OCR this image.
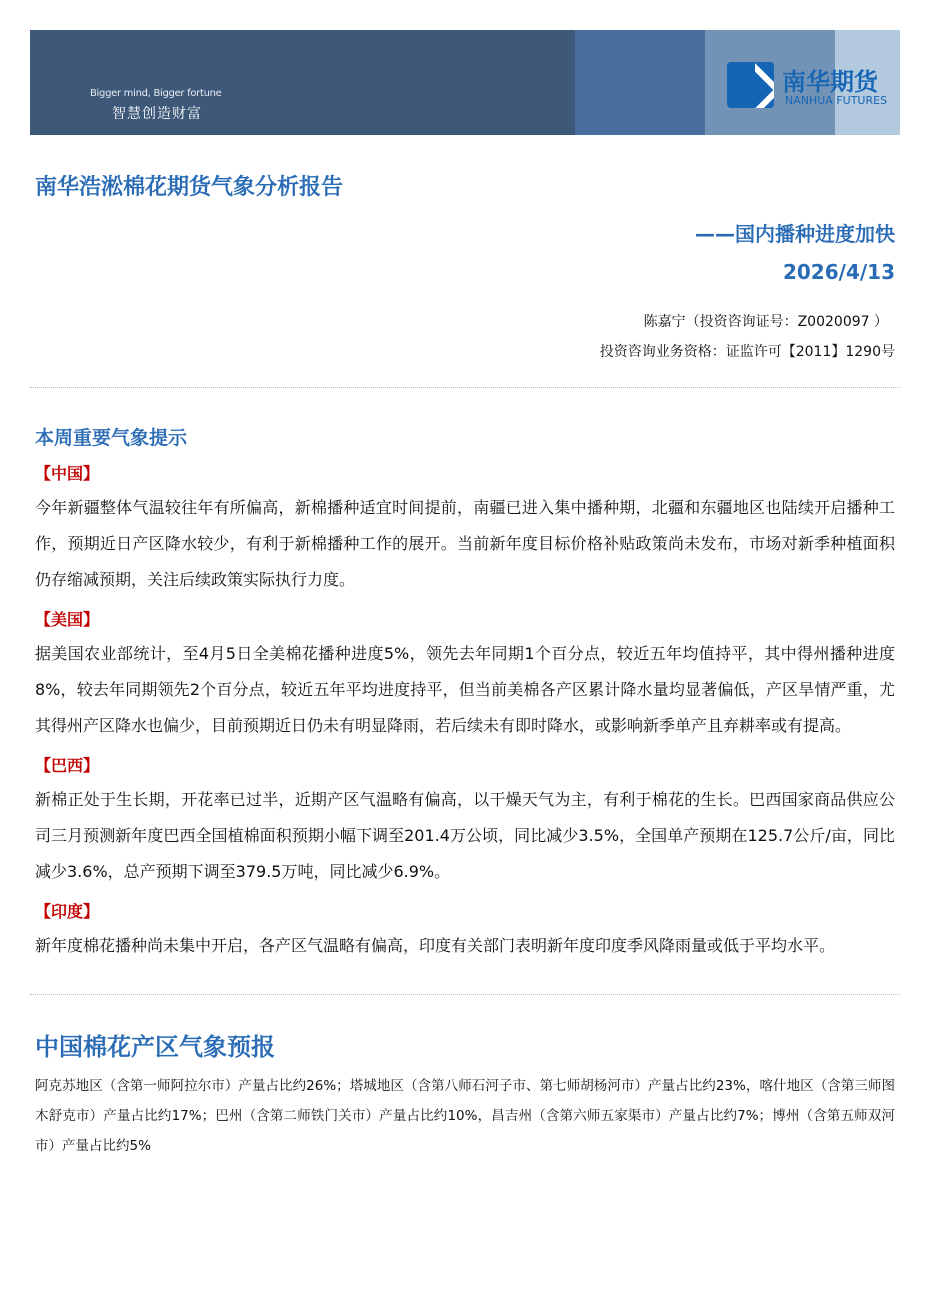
Bigger mind, Bigger fortune
智慧创造财富
南华期货
NANHUA FUTURES
南华浩淞棉花期货气象分析报告
——国内播种进度加快
2026/4/13
陈嘉宁（投资咨询证号：Z0020097 ）
投资咨询业务资格：证监许可【2011】1290号
本周重要气象提示
【中国】
今年新疆整体气温较往年有所偏高，新棉播种适宜时间提前，南疆已进入集中播种期，北疆和东疆地区也陆续开启播种工作，预期近日产区降水较少，有利于新棉播种工作的展开。当前新年度目标价格补贴政策尚未发布，市场对新季种植面积仍存缩减预期，关注后续政策实际执行力度。
【美国】
据美国农业部统计，至4月5日全美棉花播种进度5%，领先去年同期1个百分点，较近五年均值持平，其中得州播种进度8%，较去年同期领先2个百分点，较近五年平均进度持平，但当前美棉各产区累计降水量均显著偏低，产区旱情严重，尤其得州产区降水也偏少，目前预期近日仍未有明显降雨，若后续未有即时降水，或影响新季单产且弃耕率或有提高。
【巴西】
新棉正处于生长期，开花率已过半，近期产区气温略有偏高，以干燥天气为主，有利于棉花的生长。巴西国家商品供应公司三月预测新年度巴西全国植棉面积预期小幅下调至201.4万公顷，同比减少3.5%，全国单产预期在125.7公斤/亩，同比减少3.6%，总产预期下调至379.5万吨，同比减少6.9%。
【印度】
新年度棉花播种尚未集中开启，各产区气温略有偏高，印度有关部门表明新年度印度季风降雨量或低于平均水平。
中国棉花产区气象预报
阿克苏地区（含第一师阿拉尔市）产量占比约26%；塔城地区（含第八师石河子市、第七师胡杨河市）产量占比约23%，喀什地区（含第三师图木舒克市）产量占比约17%；巴州（含第二师铁门关市）产量占比约10%，昌吉州（含第六师五家渠市）产量占比约7%；博州（含第五师双河市）产量占比约5%
